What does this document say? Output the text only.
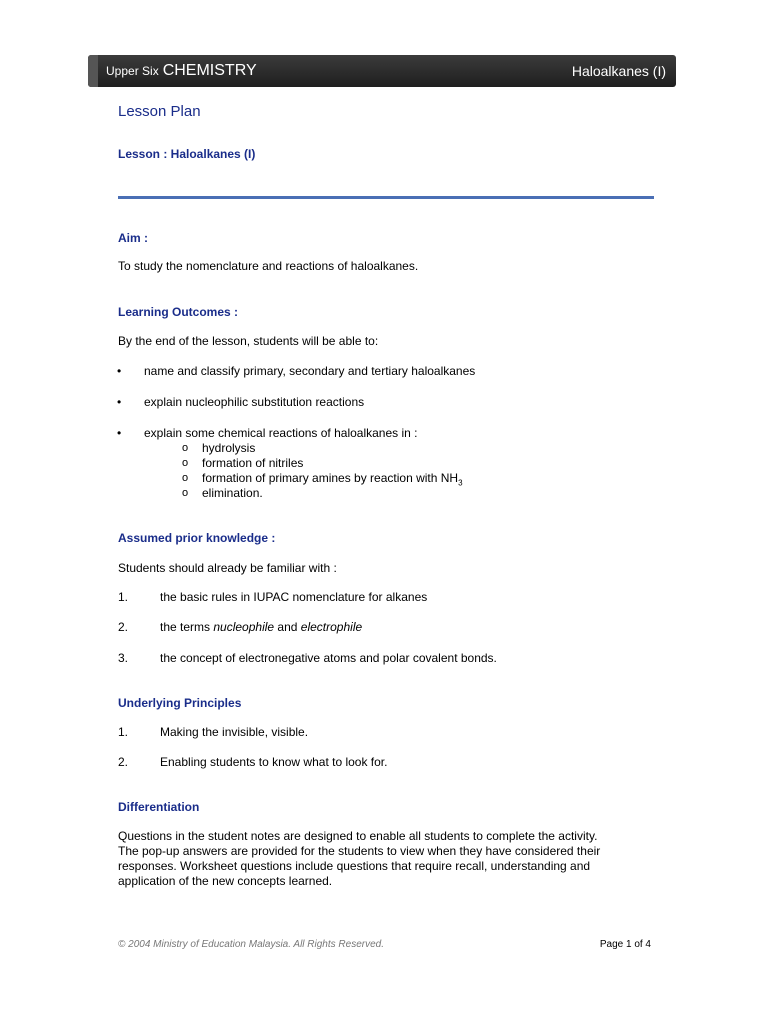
Upper Six CHEMISTRY	Lesson 13 :
Haloalkanes (I)
Lesson Plan
Lesson : Haloalkanes (I)
Aim :
To study the nomenclature and reactions of haloalkanes.
Learning Outcomes :
By the end of the lesson, students will be able to:
• name and classify primary, secondary and tertiary haloalkanes
• explain nucleophilic substitution reactions
• explain some chemical reactions of haloalkanes in :
o hydrolysis
o formation of nitriles
o formation of primary amines by reaction with $NH_3$
o elimination.
Assumed prior knowledge :
Students should already be familiar with :
1.	the basic rules in IUPAC nomenclature for alkanes
2.	the terms nucleophile and electrophile
3.	the concept of electronegative atoms and polar covalent bonds.
Underlying Principles
1.	Making the invisible, visible.
2.	Enabling students to know what to look for.
Differentiation
Questions in the student notes are designed to enable all students to complete the activity.
The pop-up answers are provided for the students to view when they have considered their
responses. Worksheet questions include questions that require recall, understanding and
application of the new concepts learned.
© 2004 Ministry of Education Malaysia. All Rights Reserved.	Page 1 of 4
